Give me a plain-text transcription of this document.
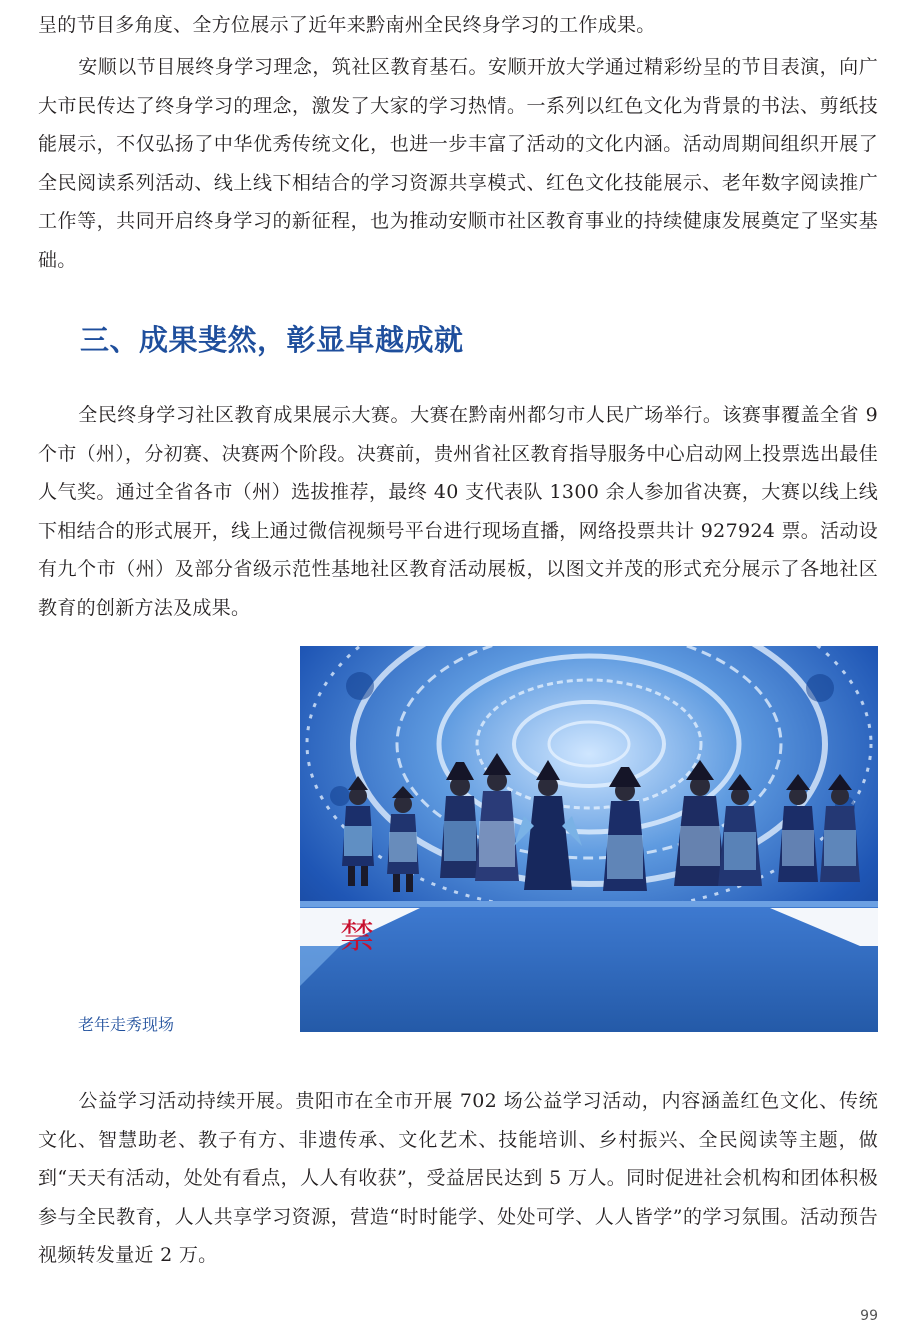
呈的节目多角度、全方位展示了近年来黔南州全民终身学习的工作成果。

安顺以节目展终身学习理念，筑社区教育基石。安顺开放大学通过精彩纷呈的节目表演，向广大市民传达了终身学习的理念，激发了大家的学习热情。一系列以红色文化为背景的书法、剪纸技能展示，不仅弘扬了中华优秀传统文化，也进一步丰富了活动的文化内涵。活动周期间组织开展了全民阅读系列活动、线上线下相结合的学习资源共享模式、红色文化技能展示、老年数字阅读推广工作等，共同开启终身学习的新征程，也为推动安顺市社区教育事业的持续健康发展奠定了坚实基础。

三、成果斐然，彰显卓越成就

全民终身学习社区教育成果展示大赛。大赛在黔南州都匀市人民广场举行。该赛事覆盖全省 9 个市（州），分初赛、决赛两个阶段。决赛前，贵州省社区教育指导服务中心启动网上投票选出最佳人气奖。通过全省各市（州）选拔推荐，最终 40 支代表队 1300 余人参加省决赛，大赛以线上线下相结合的形式展开，线上通过微信视频号平台进行现场直播，网络投票共计 927924 票。活动设有九个市（州）及部分省级示范性基地社区教育活动展板，以图文并茂的形式充分展示了各地社区教育的创新方法及成果。

禁

老年走秀现场

公益学习活动持续开展。贵阳市在全市开展 702 场公益学习活动，内容涵盖红色文化、传统文化、智慧助老、教子有方、非遗传承、文化艺术、技能培训、乡村振兴、全民阅读等主题，做到“天天有活动，处处有看点，人人有收获”，受益居民达到 5 万人。同时促进社会机构和团体积极参与全民教育，人人共享学习资源，营造“时时能学、处处可学、人人皆学”的学习氛围。活动预告视频转发量近 2 万。

99
